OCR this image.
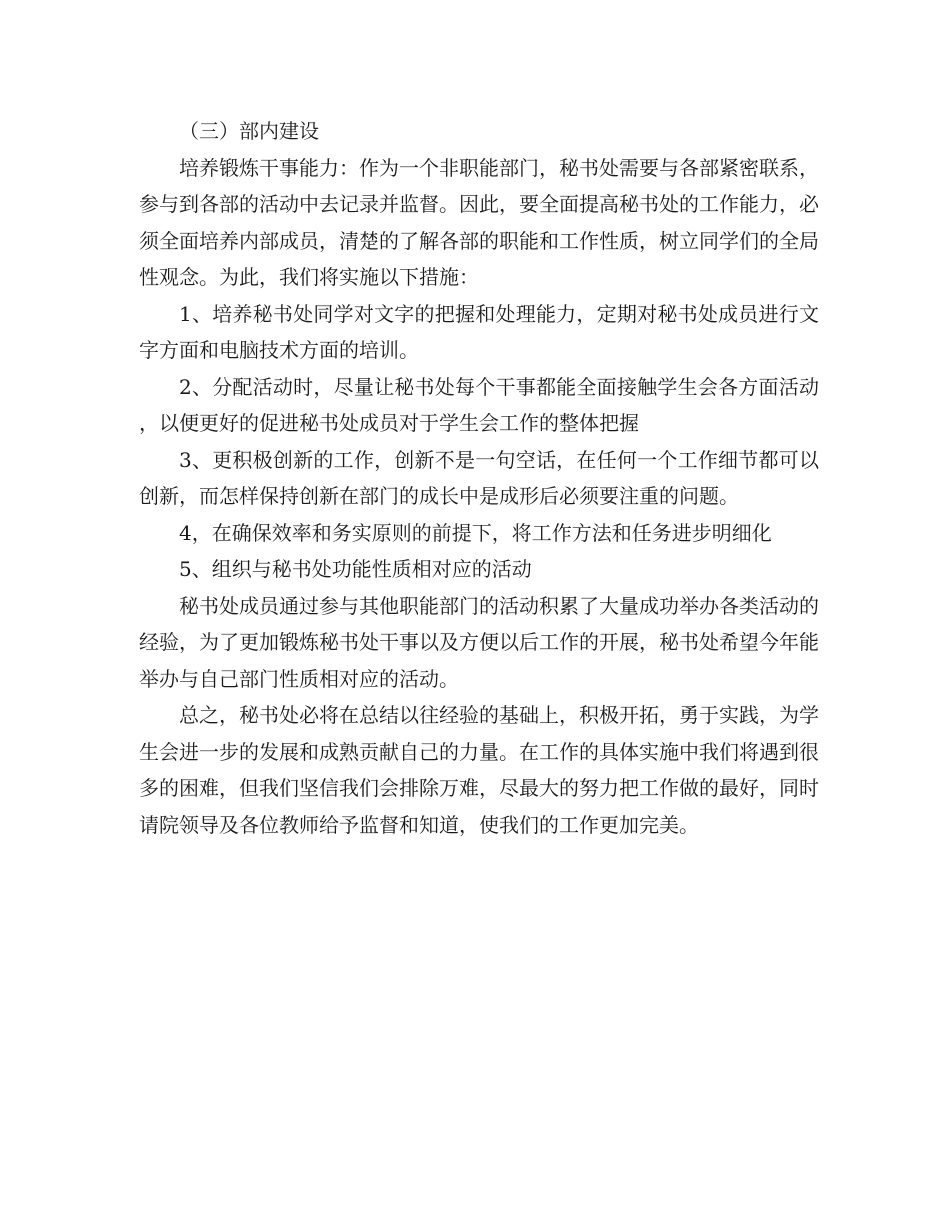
（三）部内建设

培养锻炼干事能力：作为一个非职能部门，秘书处需要与各部紧密联系，参与到各部的活动中去记录并监督。因此，要全面提高秘书处的工作能力，必须全面培养内部成员，清楚的了解各部的职能和工作性质，树立同学们的全局性观念。为此，我们将实施以下措施：

1、培养秘书处同学对文字的把握和处理能力，定期对秘书处成员进行文字方面和电脑技术方面的培训。

2、分配活动时，尽量让秘书处每个干事都能全面接触学生会各方面活动，以便更好的促进秘书处成员对于学生会工作的整体把握

3、更积极创新的工作，创新不是一句空话，在任何一个工作细节都可以创新，而怎样保持创新在部门的成长中是成形后必须要注重的问题。

4，在确保效率和务实原则的前提下，将工作方法和任务进步明细化

5、组织与秘书处功能性质相对应的活动

秘书处成员通过参与其他职能部门的活动积累了大量成功举办各类活动的经验，为了更加锻炼秘书处干事以及方便以后工作的开展，秘书处希望今年能举办与自己部门性质相对应的活动。

总之，秘书处必将在总结以往经验的基础上，积极开拓，勇于实践，为学生会进一步的发展和成熟贡献自己的力量。在工作的具体实施中我们将遇到很多的困难，但我们坚信我们会排除万难，尽最大的努力把工作做的最好，同时请院领导及各位教师给予监督和知道，使我们的工作更加完美。
